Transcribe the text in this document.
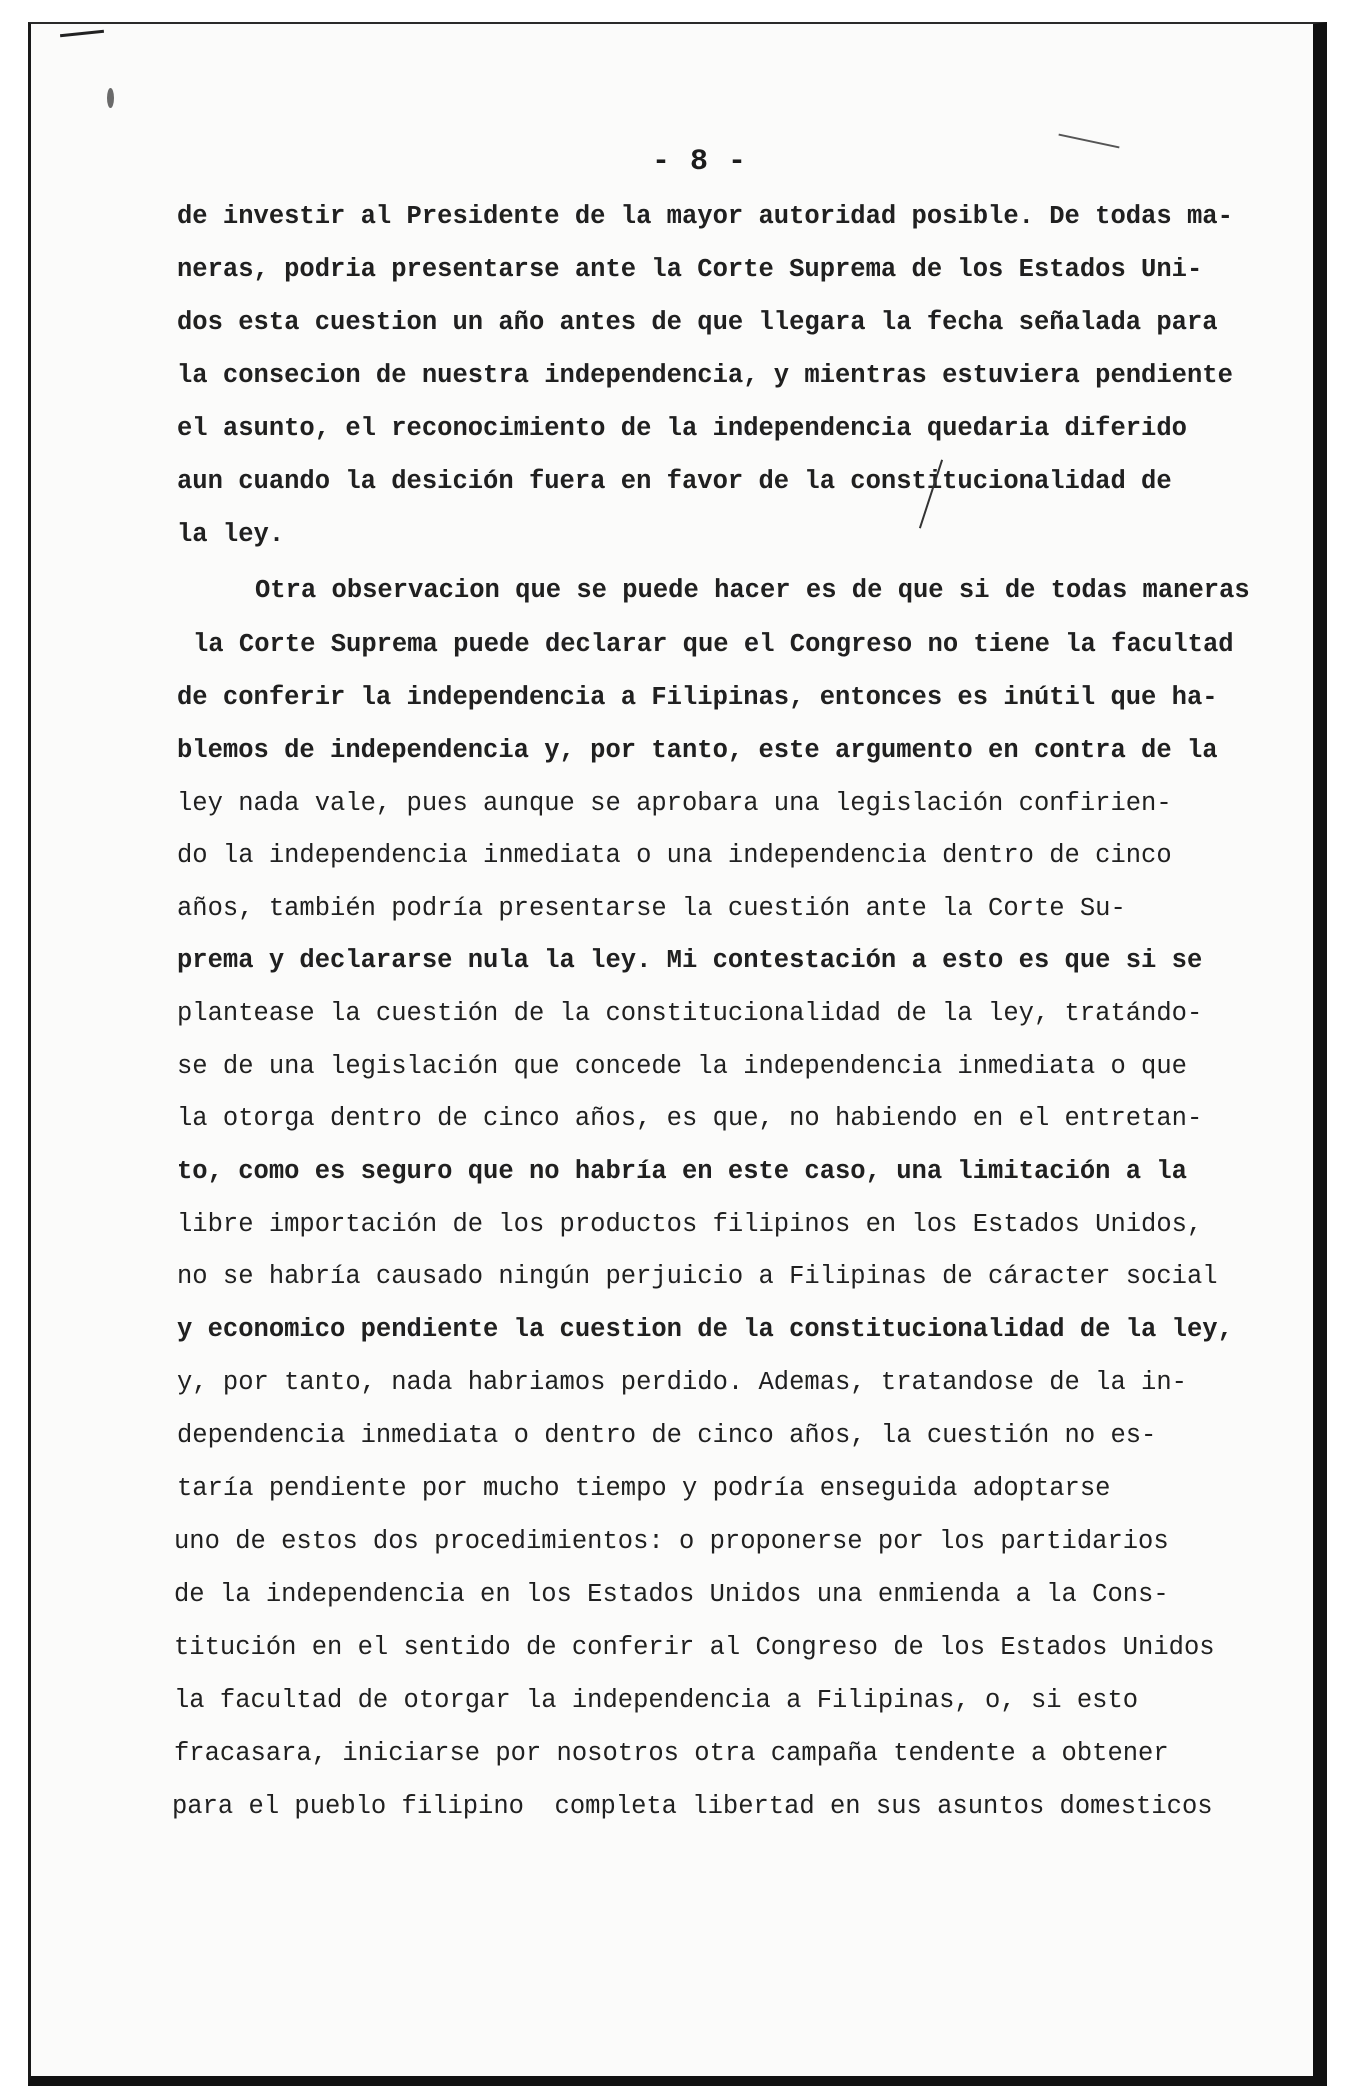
- 8 -
de investir al Presidente de la mayor autoridad posible. De todas ma-
neras, podria presentarse ante la Corte Suprema de los Estados Uni-
dos esta cuestion un año antes de que llegara la fecha señalada para
la consecion de nuestra independencia, y mientras estuviera pendiente
el asunto, el reconocimiento de la independencia quedaria diferido
aun cuando la desición fuera en favor de la constitucionalidad de
la ley.
Otra observacion que se puede hacer es de que si de todas maneras
la Corte Suprema puede declarar que el Congreso no tiene la facultad
de conferir la independencia a Filipinas, entonces es inútil que ha-
blemos de independencia y, por tanto, este argumento en contra de la
ley nada vale, pues aunque se aprobara una legislación confirien-
do la independencia inmediata o una independencia dentro de cinco
años, también podría presentarse la cuestión ante la Corte Su-
prema y declararse nula la ley. Mi contestación a esto es que si se
plantease la cuestión de la constitucionalidad de la ley, tratándo-
se de una legislación que concede la independencia inmediata o que
la otorga dentro de cinco años, es que, no habiendo en el entretan-
to, como es seguro que no habría en este caso, una limitación a la
libre importación de los productos filipinos en los Estados Unidos,
no se habría causado ningún perjuicio a Filipinas de cáracter social
y economico pendiente la cuestion de la constitucionalidad de la ley,
y, por tanto, nada habriamos perdido. Ademas, tratandose de la in-
dependencia inmediata o dentro de cinco años, la cuestión no es-
taría pendiente por mucho tiempo y podría enseguida adoptarse
uno de estos dos procedimientos: o proponerse por los partidarios
de la independencia en los Estados Unidos una enmienda a la Cons-
titución en el sentido de conferir al Congreso de los Estados Unidos
la facultad de otorgar la independencia a Filipinas, o, si esto
fracasara, iniciarse por nosotros otra campaña tendente a obtener
para el pueblo filipino  completa libertad en sus asuntos domesticos
